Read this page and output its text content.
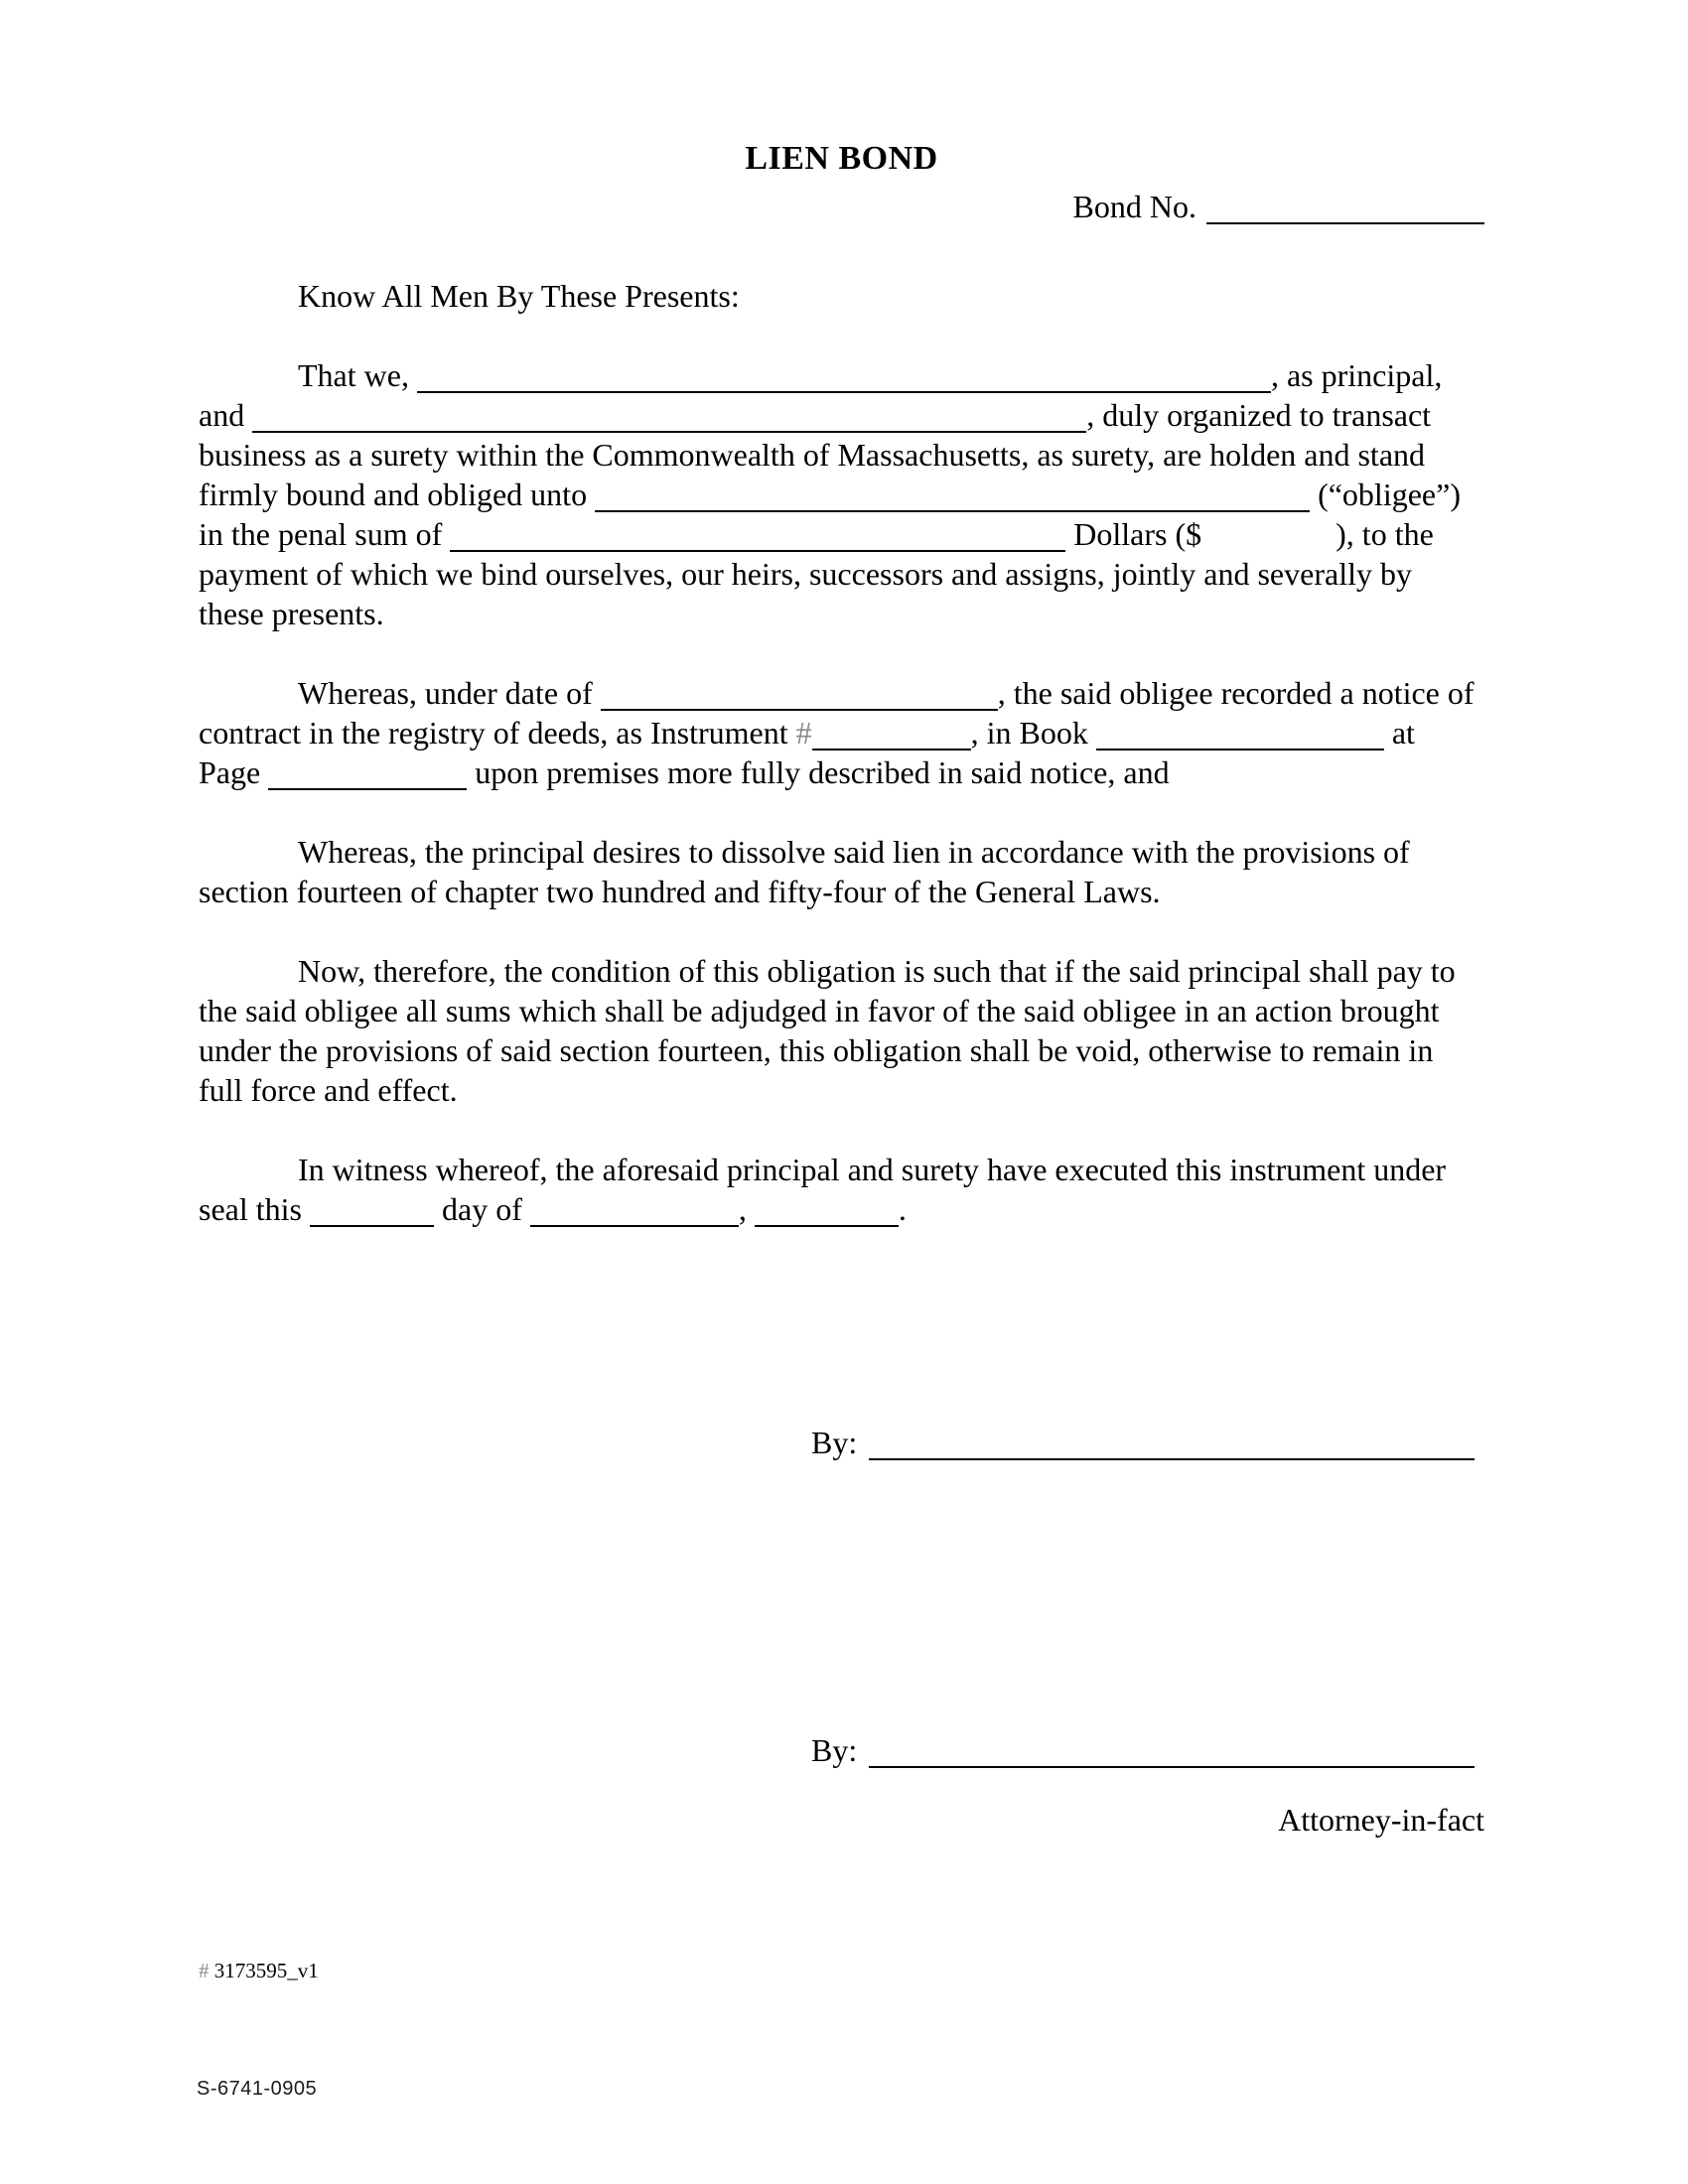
LIEN BOND
Bond No.
Know All Men By These Presents:

That we,	, as principal, and	, duly organized to transact business as a surety within the Commonwealth of Massachusetts, as surety, are holden and stand firmly bound and obliged unto	(“obligee”) in the penal sum of	Dollars ($	), to the payment of which we bind ourselves, our heirs, successors and assigns, jointly and severally by these presents.

Whereas, under date of	, the said obligee recorded a notice of contract in the registry of deeds, as Instrument #	, in Book	at Page	upon premises more fully described in said notice, and

Whereas, the principal desires to dissolve said lien in accordance with the provisions of section fourteen of chapter two hundred and fifty-four of the General Laws.

Now, therefore, the condition of this obligation is such that if the said principal shall pay to the said obligee all sums which shall be adjudged in favor of the said obligee in an action brought under the provisions of said section fourteen, this obligation shall be void, otherwise to remain in full force and effect.

In witness whereof, the aforesaid principal and surety have executed this instrument under seal this	day of	,	.

By:
By:
Attorney-in-fact
# 3173595_v1
S-6741-0905
